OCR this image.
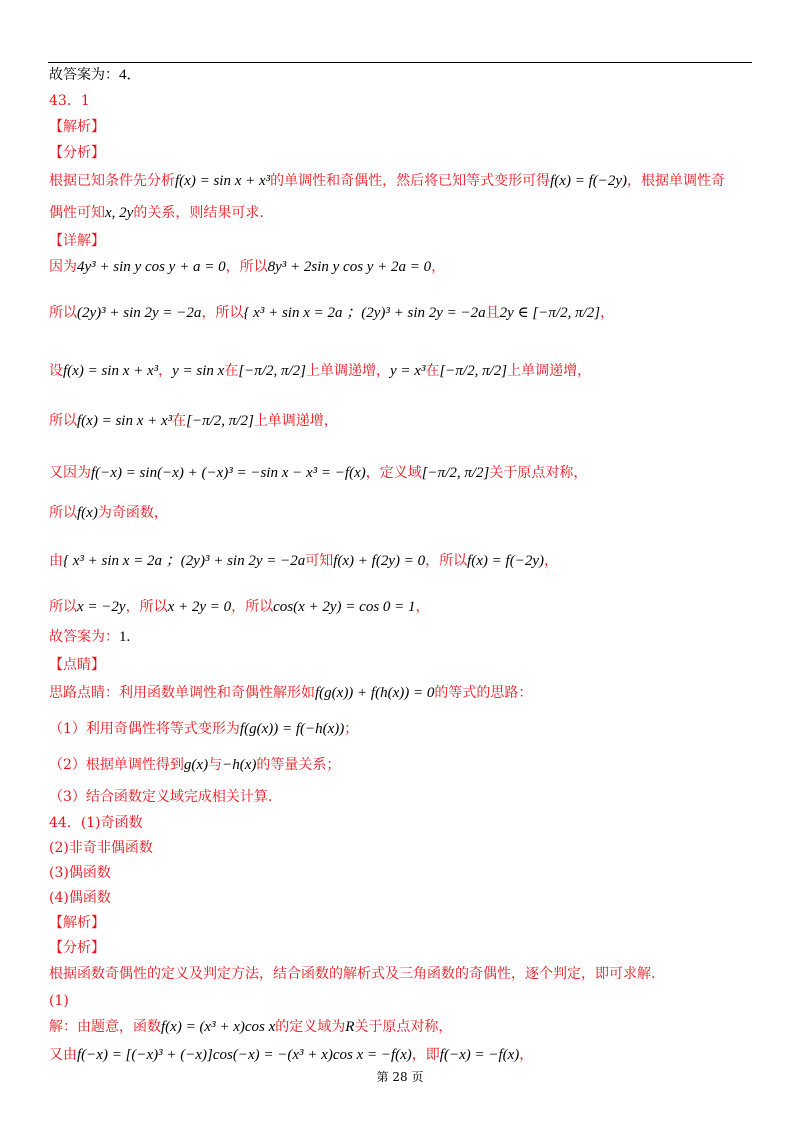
故答案为：4．
43．1
【解析】
【分析】
根据已知条件先分析f(x) = sin x + x³的单调性和奇偶性，然后将已知等式变形可得f(x) = f(−2y)，根据单调性奇
偶性可知x, 2y的关系，则结果可求.
【详解】
因为4y³ + sin y cos y + a = 0，所以8y³ + 2sin y cos y + 2a = 0，
所以(2y)³ + sin 2y = −2a，所以{ x³ + sin x = 2a ；(2y)³ + sin 2y = −2a且2y ∈ [−π/2, π/2]，
设f(x) = sin x + x³，y = sin x在[−π/2, π/2]上单调递增，y = x³在[−π/2, π/2]上单调递增，
所以f(x) = sin x + x³在[−π/2, π/2]上单调递增，
又因为f(−x) = sin(−x) + (−x)³ = −sin x − x³ = −f(x)，定义域[−π/2, π/2]关于原点对称，
所以f(x)为奇函数，
由{ x³ + sin x = 2a ；(2y)³ + sin 2y = −2a可知f(x) + f(2y) = 0，所以f(x) = f(−2y)，
所以x = −2y，所以x + 2y = 0，所以cos(x + 2y) = cos 0 = 1，
故答案为：1.
【点睛】
思路点睛：利用函数单调性和奇偶性解形如f(g(x)) + f(h(x)) = 0的等式的思路：
（1）利用奇偶性将等式变形为f(g(x)) = f(−h(x))；
（2）根据单调性得到g(x)与−h(x)的等量关系；
（3）结合函数定义域完成相关计算.
44．(1)奇函数
(2)非奇非偶函数
(3)偶函数
(4)偶函数
【解析】
【分析】
根据函数奇偶性的定义及判定方法，结合函数的解析式及三角函数的奇偶性，逐个判定，即可求解.
(1)
解：由题意，函数f(x) = (x³ + x)cos x的定义域为R关于原点对称，
又由f(−x) = [(−x)³ + (−x)]cos(−x) = −(x³ + x)cos x = −f(x)，即f(−x) = −f(x)，
第 28 页
